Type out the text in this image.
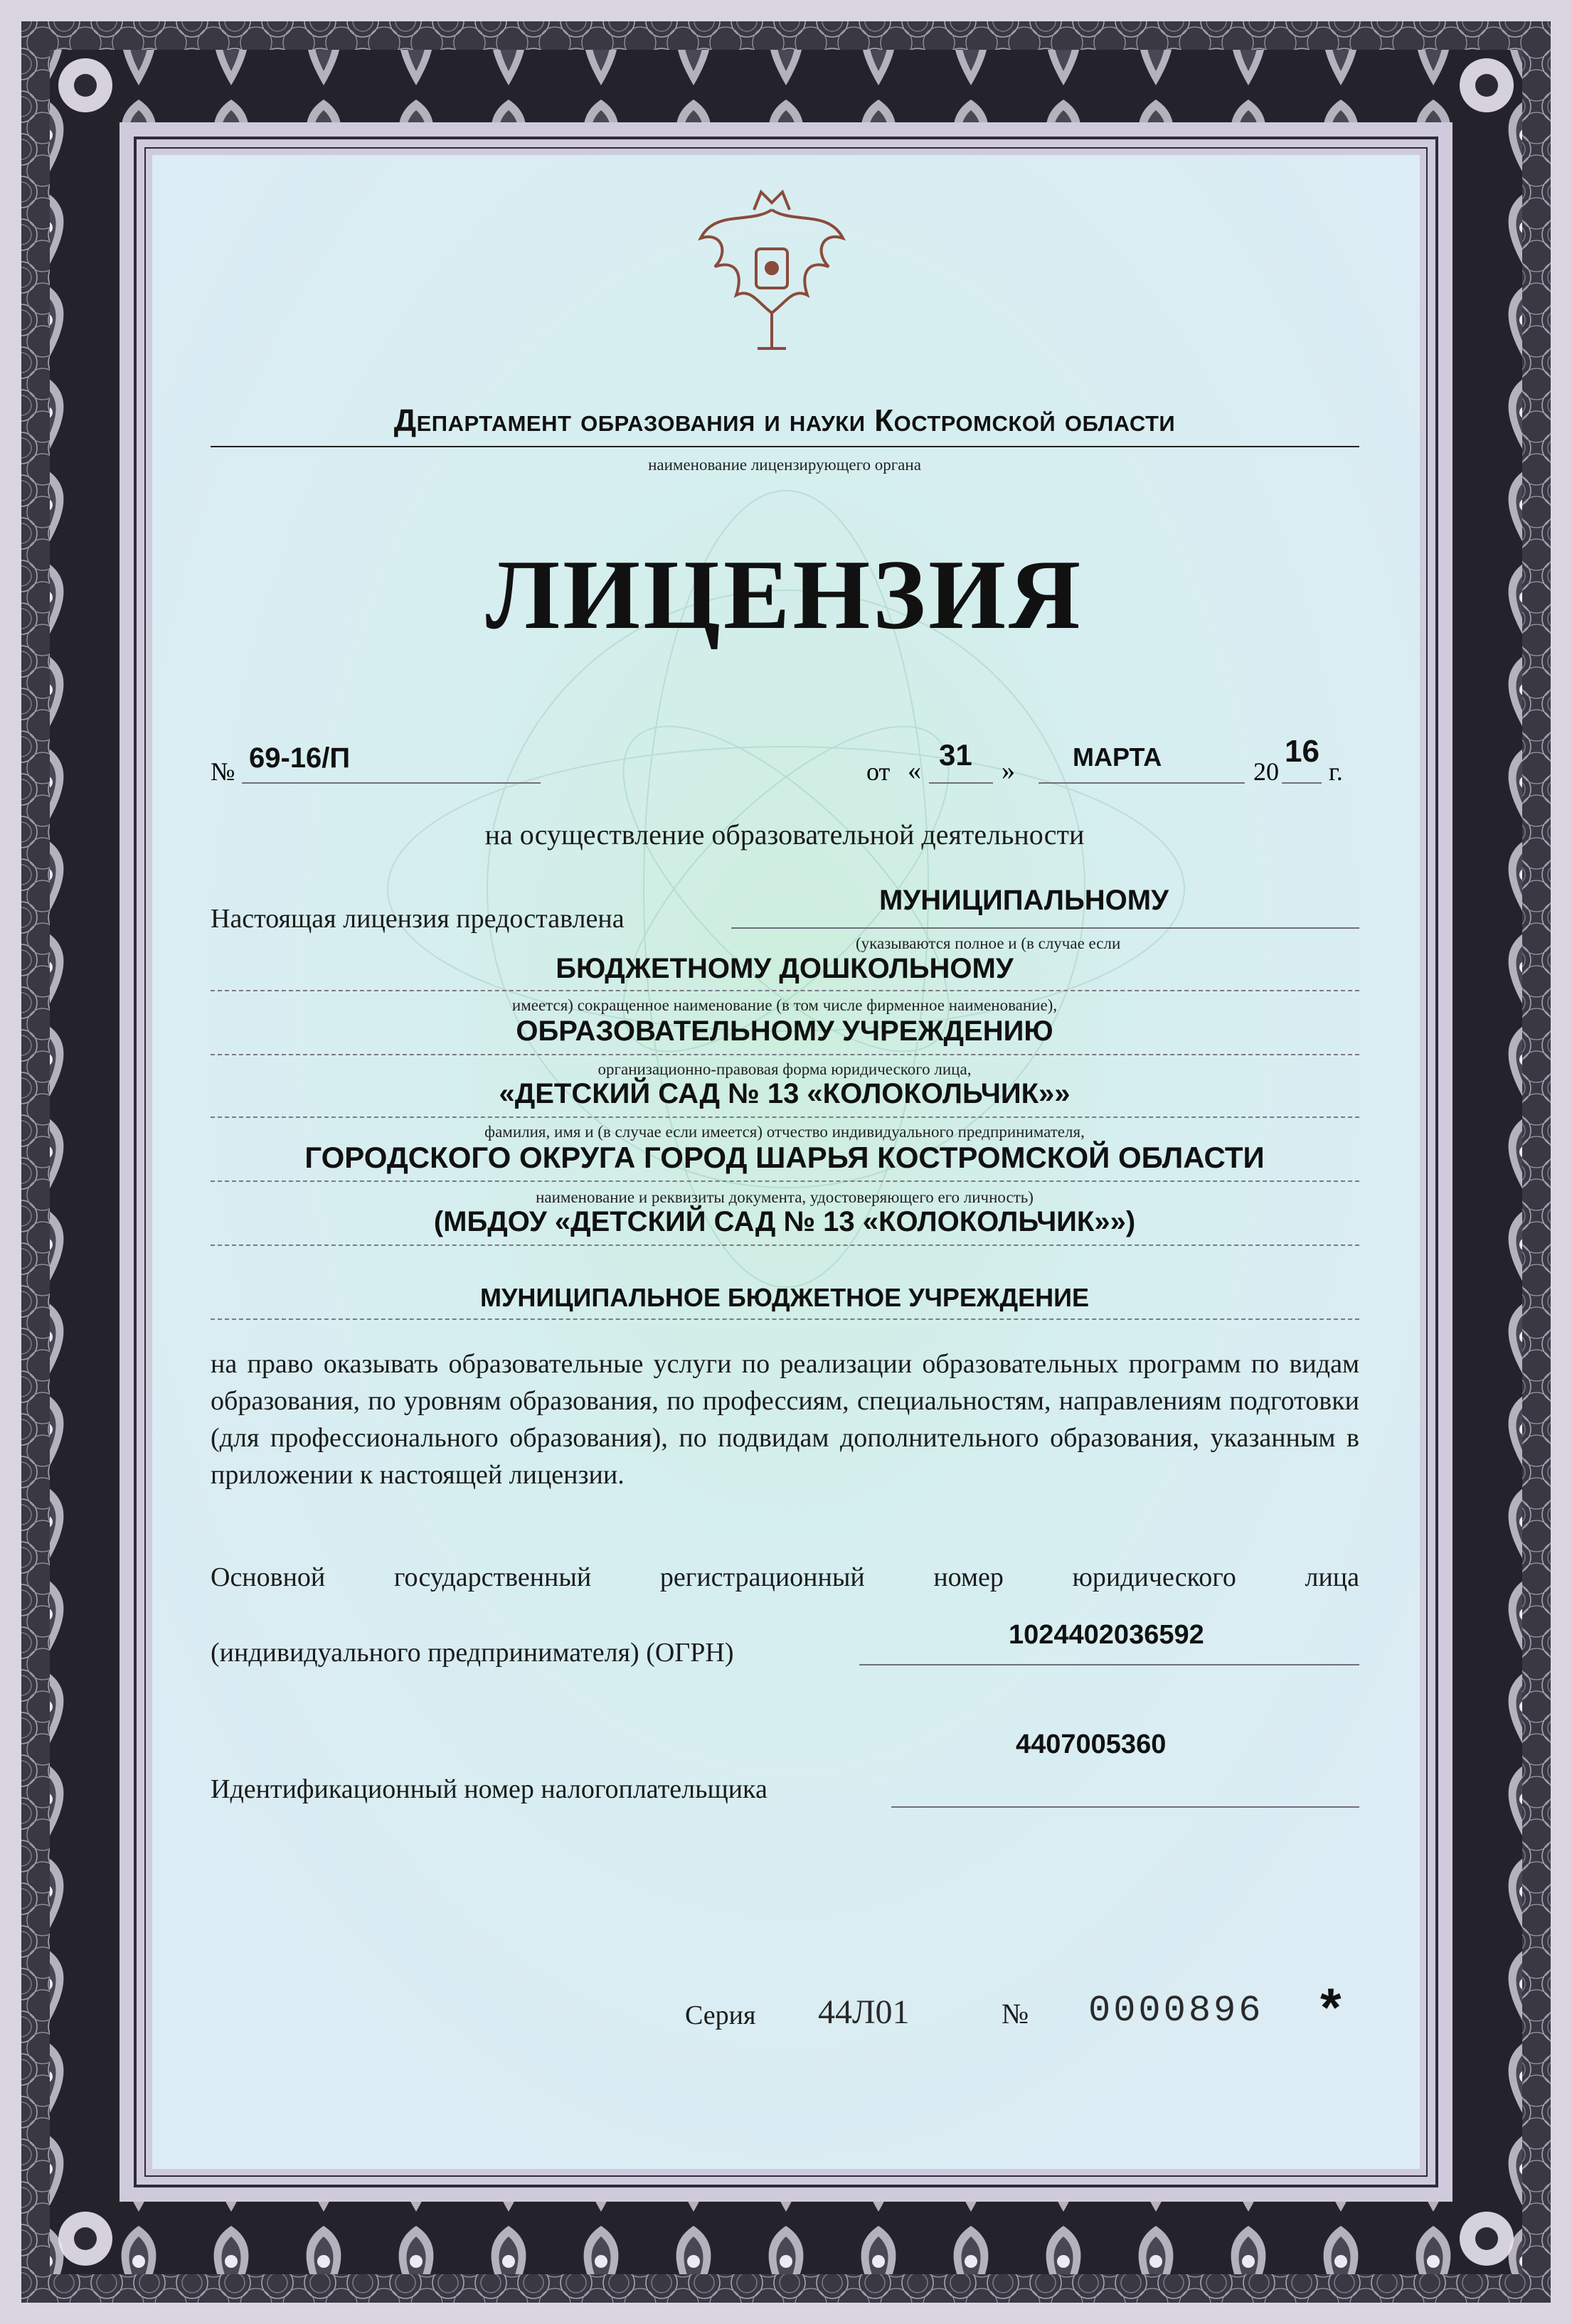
Департамент образования и науки Костромской области
наименование лицензирующего органа
ЛИЦЕНЗИЯ
№ 69-16/П	от « 31 » МАРТА	20
16
г.
на осуществление образовательной деятельности
Настоящая лицензия предоставлена
МУНИЦИПАЛЬНОМУ
(указываются полное и (в случае если
БЮДЖЕТНОМУ ДОШКОЛЬНОМУ
имеется) сокращенное наименование (в том числе фирменное наименование),
ОБРАЗОВАТЕЛЬНОМУ УЧРЕЖДЕНИЮ
организационно-правовая форма юридического лица,
«ДЕТСКИЙ САД № 13 «КОЛОКОЛЬЧИК»»
фамилия, имя и (в случае если имеется) отчество индивидуального предпринимателя,
ГОРОДСКОГО ОКРУГА ГОРОД ШАРЬЯ КОСТРОМСКОЙ ОБЛАСТИ
наименование и реквизиты документа, удостоверяющего его личность)
(МБДОУ «ДЕТСКИЙ САД № 13 «КОЛОКОЛЬЧИК»»)
МУНИЦИПАЛЬНОЕ БЮДЖЕТНОЕ УЧРЕЖДЕНИЕ
на право оказывать образовательные услуги по реализации образовательных программ по видам образования, по уровням образования, по профессиям, специальностям, направлениям подготовки (для профессионального образования), по подвидам дополнительного образования, указанным в приложении к настоящей лицензии.
Основной государственный регистрационный номер юридического лица
(индивидуального предпринимателя) (ОГРН)
1024402036592
Идентификационный номер налогоплательщика
4407005360
Серия 44Л01	№ 0000896 *
